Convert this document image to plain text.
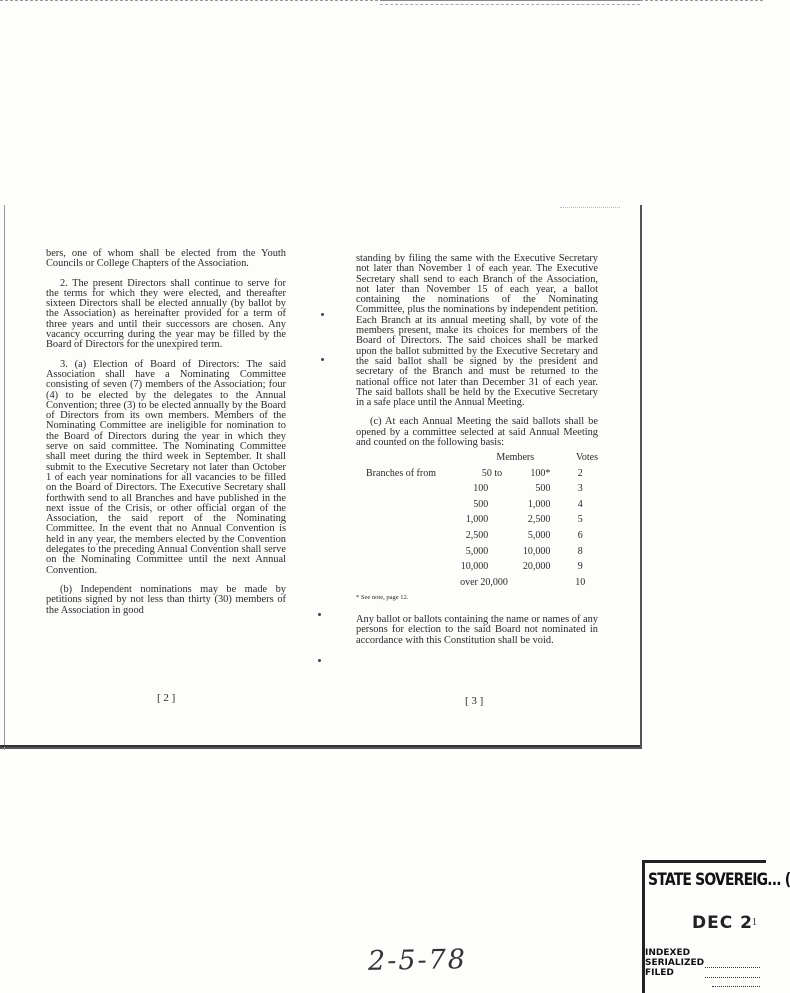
bers, one of whom shall be elected from the Youth Councils or College Chapters of the Association.

2. The present Directors shall continue to serve for the terms for which they were elected, and thereafter sixteen Directors shall be elected annually (by ballot by the Association) as hereinafter provided for a term of three years and until their successors are chosen. Any vacancy occurring during the year may be filled by the Board of Directors for the unexpired term.

3. (a) Election of Board of Directors: The said Association shall have a Nominating Committee consisting of seven (7) members of the Association; four (4) to be elected by the delegates to the Annual Convention; three (3) to be elected annually by the Board of Directors from its own members. Members of the Nominating Committee are ineligible for nomination to the Board of Directors during the year in which they serve on said committee. The Nominating Committee shall meet during the third week in September. It shall submit to the Executive Secretary not later than October 1 of each year nominations for all vacancies to be filled on the Board of Directors. The Executive Secretary shall forthwith send to all Branches and have published in the next issue of the Crisis, or other official organ of the Association, the said report of the Nominating Committee. In the event that no Annual Convention is held in any year, the members elected by the Convention delegates to the preceding Annual Convention shall serve on the Nominating Committee until the next Annual Convention.

(b) Independent nominations may be made by petitions signed by not less than thirty (30) members of the Association in good

[ 2 ]

standing by filing the same with the Executive Secretary not later than November 1 of each year. The Executive Secretary shall send to each Branch of the Association, not later than November 15 of each year, a ballot containing the nominations of the Nominating Committee, plus the nominations by independent petition. Each Branch at its annual meeting shall, by vote of the members present, make its choices for members of the Board of Directors. The said choices shall be marked upon the ballot submitted by the Executive Secretary and the said ballot shall be signed by the president and secretary of the Branch and must be returned to the national office not later than December 31 of each year. The said ballots shall be held by the Executive Secretary in a safe place until the Annual Meeting.

(c) At each Annual Meeting the said ballots shall be opened by a committee selected at said Annual Meeting and counted on the following basis:

	Members		Votes
Branches of from	50 to	100*	2
	100	500	3
	500	1,000	4
	1,000	2,500	5
	2,500	5,000	6
	5,000	10,000	8
	10,000	20,000	9
	over 20,000		10
* See note, page 12.

Any ballot or ballots containing the name or names of any persons for election to the said Board not nominated in accordance with this Constitution shall be void.

[ 3 ]
STATE SOVEREIG... (
DEC 2 1
INDEXED
SERIALIZED
FILED
2-5-78
